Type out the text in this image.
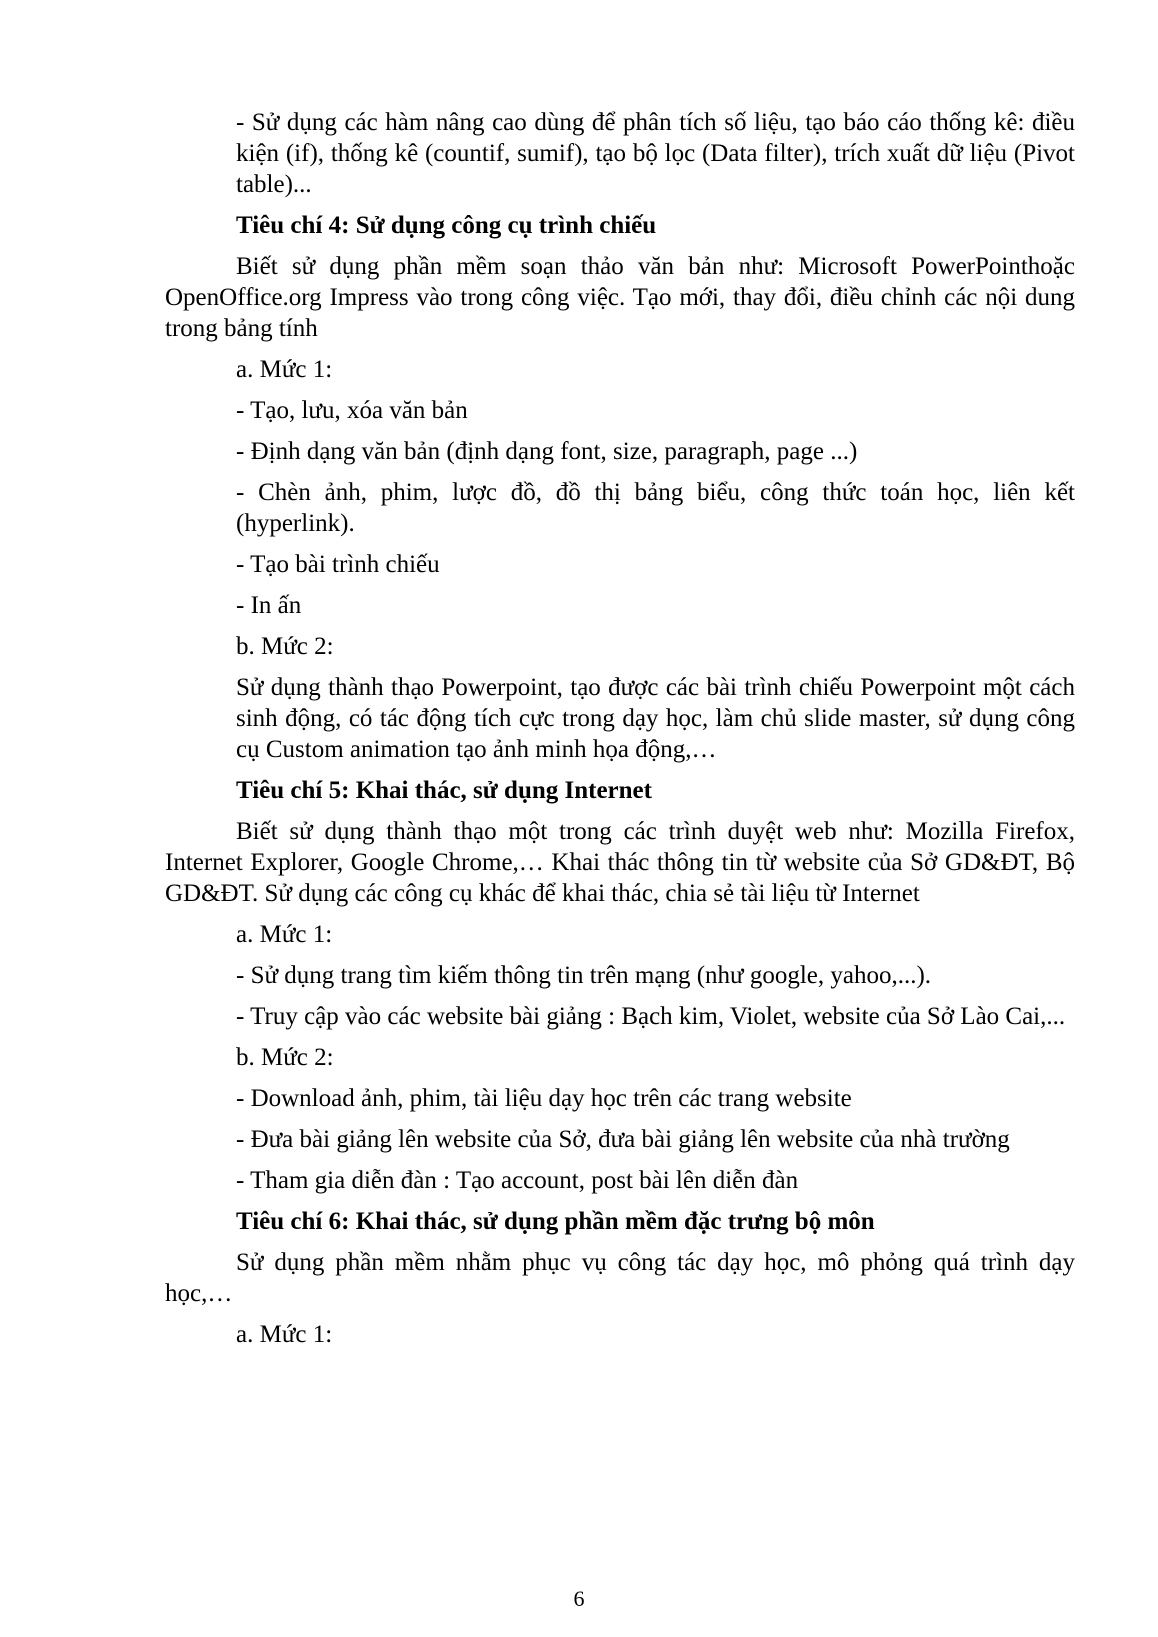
- Sử dụng các hàm nâng cao dùng để phân tích số liệu, tạo báo cáo thống kê: điều kiện (if), thống kê (countif, sumif), tạo bộ lọc (Data filter), trích xuất dữ liệu (Pivot table)...

Tiêu chí 4: Sử dụng công cụ trình chiếu

Biết sử dụng phần mềm soạn thảo văn bản như: Microsoft PowerPointhoặc OpenOffice.org Impress vào trong công việc. Tạo mới, thay đổi, điều chỉnh các nội dung trong bảng tính

a. Mức 1:

- Tạo, lưu, xóa văn bản

- Định dạng văn bản (định dạng font, size, paragraph, page ...)

- Chèn ảnh, phim, lược đồ, đồ thị bảng biểu, công thức toán học, liên kết (hyperlink).

- Tạo bài trình chiếu

- In ấn

b. Mức 2:

Sử dụng thành thạo Powerpoint, tạo được các bài trình chiếu Powerpoint một cách sinh động, có tác động tích cực trong dạy học, làm chủ slide master, sử dụng công cụ Custom animation tạo ảnh minh họa động,…

Tiêu chí 5: Khai thác, sử dụng Internet

Biết sử dụng thành thạo một trong các trình duyệt web như: Mozilla Firefox, Internet Explorer, Google Chrome,… Khai thác thông tin từ website của Sở GD&ĐT, Bộ GD&ĐT. Sử dụng các công cụ khác để khai thác, chia sẻ tài liệu từ Internet

a. Mức 1:

- Sử dụng trang tìm kiếm thông tin trên mạng (như google, yahoo,...).

- Truy cập vào các website bài giảng : Bạch kim, Violet, website của Sở Lào Cai,...

b. Mức 2:

- Download ảnh, phim, tài liệu dạy học trên các trang website

- Đưa bài giảng lên website của Sở, đưa bài giảng lên website của nhà trường

- Tham gia diễn đàn : Tạo account, post bài lên diễn đàn

Tiêu chí 6: Khai thác, sử dụng phần mềm đặc trưng bộ môn

Sử dụng phần mềm nhằm phục vụ công tác dạy học, mô phỏng quá trình dạy học,…

a. Mức 1:

6
